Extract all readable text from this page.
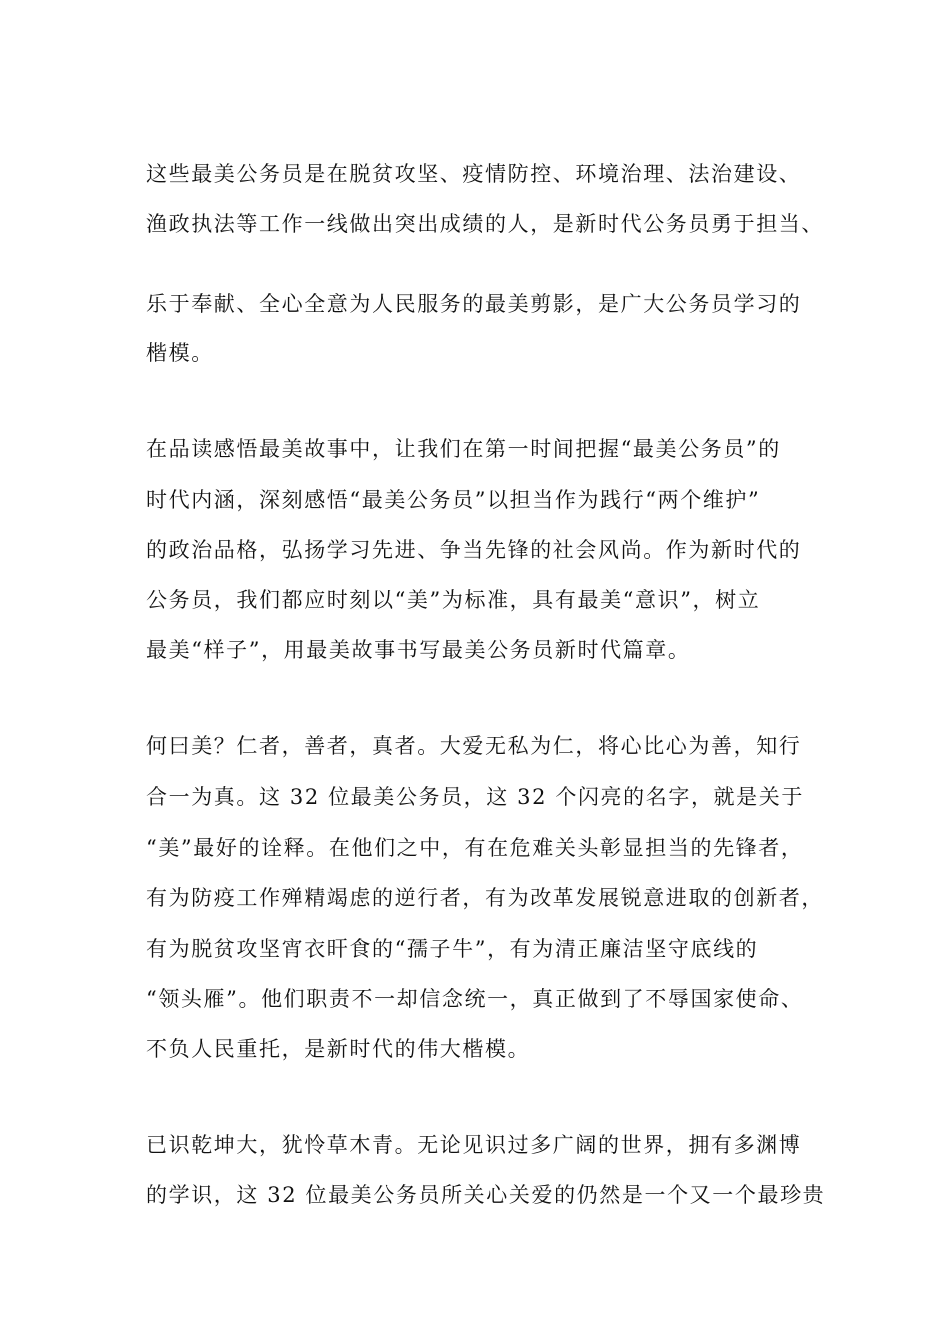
这些最美公务员是在脱贫攻坚、疫情防控、环境治理、法治建设、
渔政执法等工作一线做出突出成绩的人，是新时代公务员勇于担当、
乐于奉献、全心全意为人民服务的最美剪影，是广大公务员学习的
楷模。
在品读感悟最美故事中，让我们在第一时间把握“最美公务员”的
时代内涵，深刻感悟“最美公务员”以担当作为践行“两个维护”
的政治品格，弘扬学习先进、争当先锋的社会风尚。作为新时代的
公务员，我们都应时刻以“美”为标准，具有最美“意识”，树立
最美“样子”，用最美故事书写最美公务员新时代篇章。
何曰美？仁者，善者，真者。大爱无私为仁，将心比心为善，知行
合一为真。这 32 位最美公务员，这 32 个闪亮的名字，就是关于
“美”最好的诠释。在他们之中，有在危难关头彰显担当的先锋者，
有为防疫工作殚精竭虑的逆行者，有为改革发展锐意进取的创新者，
有为脱贫攻坚宵衣旰食的“孺子牛”，有为清正廉洁坚守底线的
“领头雁”。他们职责不一却信念统一，真正做到了不辱国家使命、
不负人民重托，是新时代的伟大楷模。
已识乾坤大，犹怜草木青。无论见识过多广阔的世界，拥有多渊博
的学识，这 32 位最美公务员所关心关爱的仍然是一个又一个最珍贵
